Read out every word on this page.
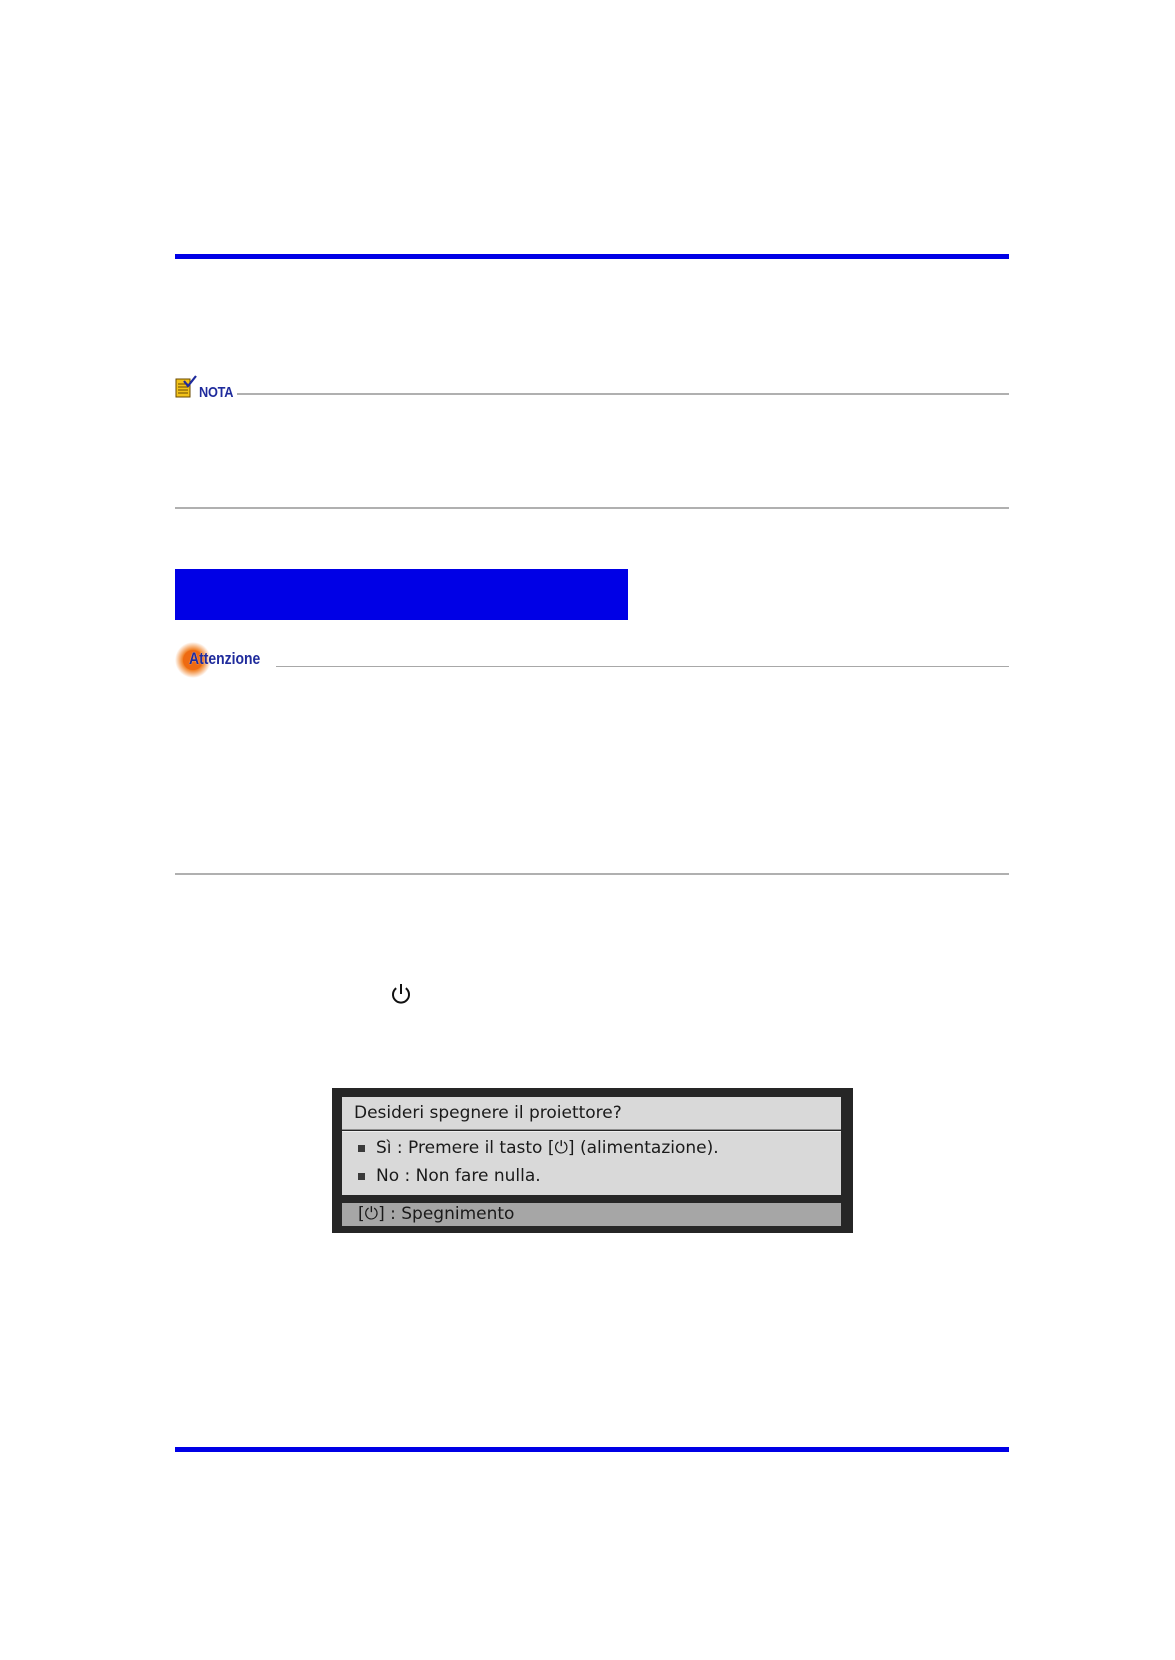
NOTA
Attenzione
Desideri spegnere il proiettore?
Sì : Premere il tasto [⏻] (alimentazione).
No : Non fare nulla.
[⏻] : Spegnimento
